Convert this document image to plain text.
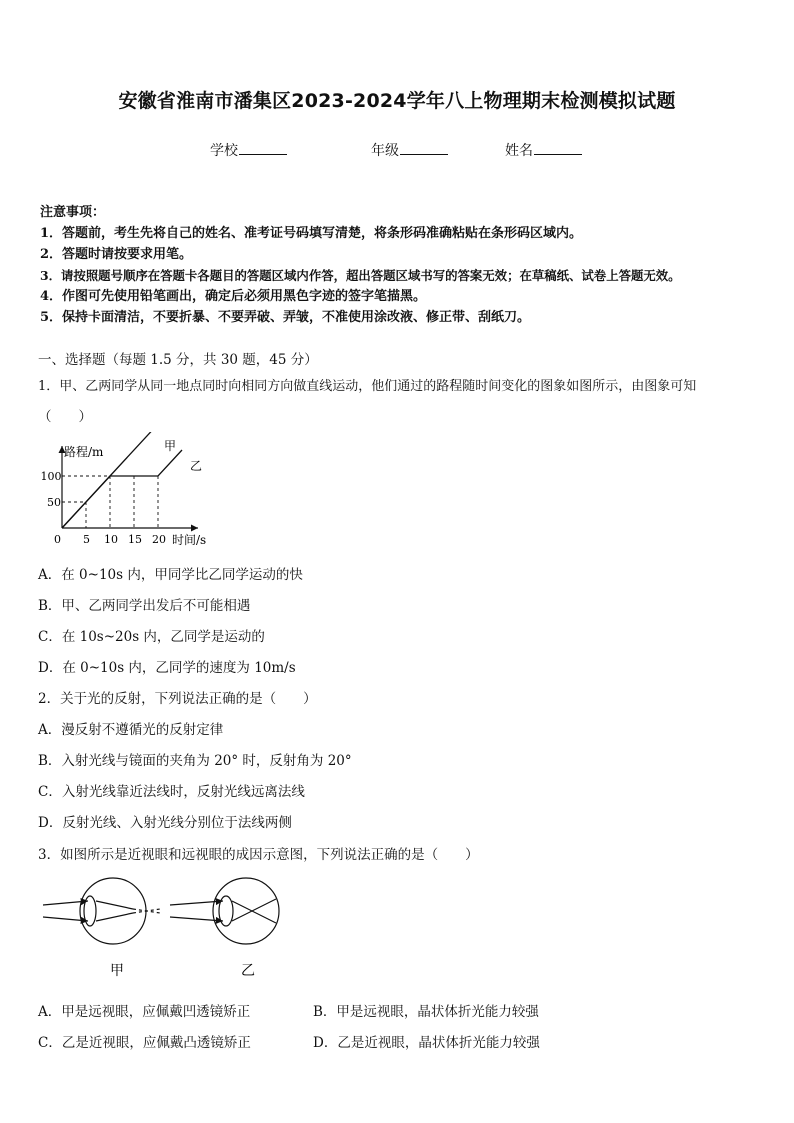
安徽省淮南市潘集区2023-2024学年八上物理期末检测模拟试题
学校	年级	姓名
注意事项：
1．答题前，考生先将自己的姓名、准考证号码填写清楚，将条形码准确粘贴在条形码区域内。
2．答题时请按要求用笔。
3．请按照题号顺序在答题卡各题目的答题区域内作答，超出答题区域书写的答案无效；在草稿纸、试卷上答题无效。
4．作图可先使用铅笔画出，确定后必须用黑色字迹的签字笔描黑。
5．保持卡面清洁，不要折暴、不要弄破、弄皱，不准使用涂改液、修正带、刮纸刀。
一、选择题（每题 1.5 分，共 30 题，45 分）
1．甲、乙两同学从同一地点同时向相同方向做直线运动，他们通过的路程随时间变化的图象如图所示，由图象可知
（　　）
0 5 10 15 20
50
100
路程/m
时间/s
甲
乙
A．在 0~10s 内，甲同学比乙同学运动的快
B．甲、乙两同学出发后不可能相遇
C．在 10s~20s 内，乙同学是运动的
D．在 0~10s 内，乙同学的速度为 10m/s
2．关于光的反射，下列说法正确的是（　　）
A．漫反射不遵循光的反射定律
B．入射光线与镜面的夹角为 20° 时，反射角为 20°
C．入射光线靠近法线时，反射光线远离法线
D．反射光线、入射光线分别位于法线两侧
3．如图所示是近视眼和远视眼的成因示意图，下列说法正确的是（　　）
甲	乙
A．甲是远视眼，应佩戴凹透镜矫正	B．甲是远视眼，晶状体折光能力较强
C．乙是近视眼，应佩戴凸透镜矫正	D．乙是近视眼，晶状体折光能力较强
